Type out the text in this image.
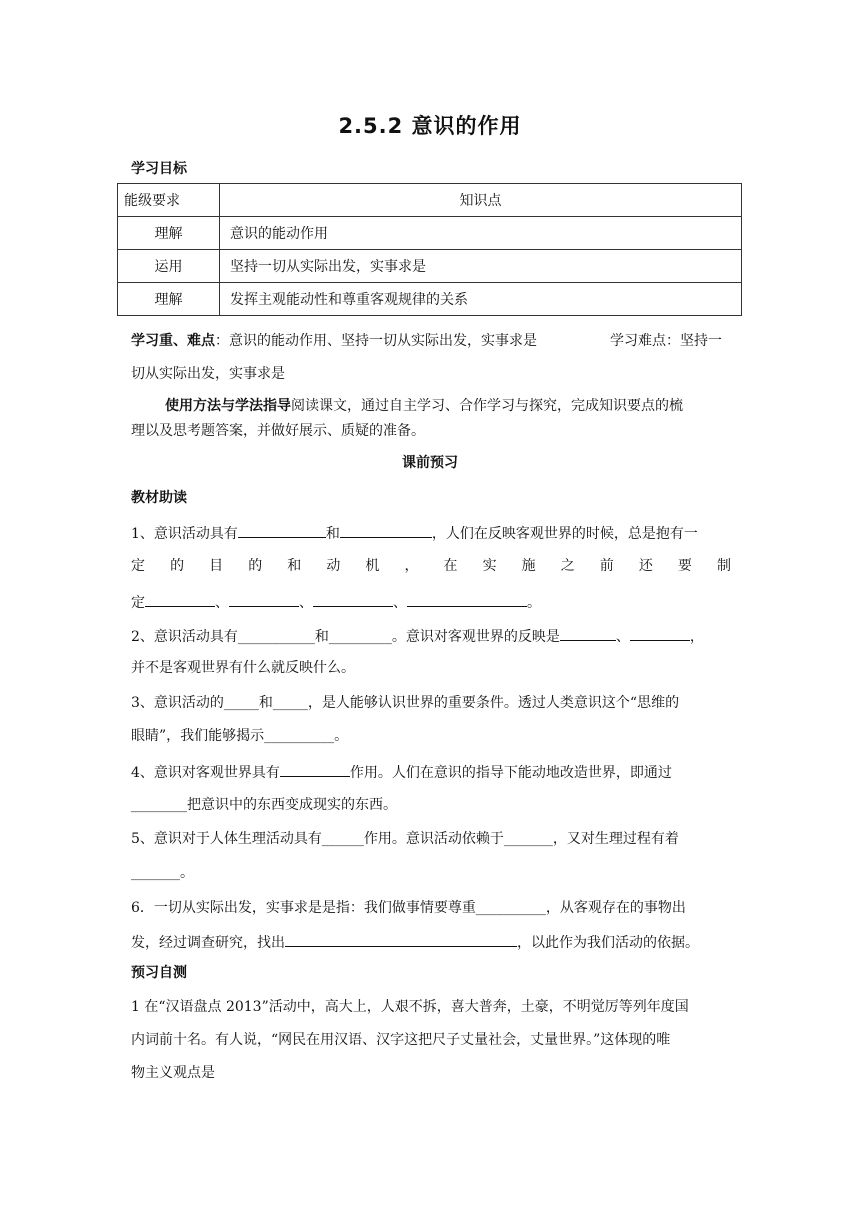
2.5.2 意识的作用
学习目标
能级要求	知识点
理解	意识的能动作用
运用	坚持一切从实际出发，实事求是
理解	发挥主观能动性和尊重客观规律的关系
学习重、难点：意识的能动作用、坚持一切从实际出发，实事求是	学习难点：坚持一
切从实际出发，实事求是
使用方法与学法指导阅读课文，通过自主学习、合作学习与探究，完成知识要点的梳
理以及思考题答案，并做好展示、质疑的准备。
课前预习
教材助读
1、意识活动具有	和	，人们在反映客观世界的时候，总是抱有一
定 的 目 的 和 动 机 ， 在 实 施 之 前 还 要 制
定	、	、	、	。
2、意识活动具有___________和_________。意识对客观世界的反映是	、	，
并不是客观世界有什么就反映什么。
3、意识活动的_____和_____，是人能够认识世界的重要条件。透过人类意识这个“思维的
眼睛”，我们能够揭示__________。
4、意识对客观世界具有	作用。人们在意识的指导下能动地改造世界，即通过
________把意识中的东西变成现实的东西。
5、意识对于人体生理活动具有______作用。意识活动依赖于_______，又对生理过程有着
_______。
6．一切从实际出发，实事求是是指：我们做事情要尊重__________，从客观存在的事物出
发，经过调查研究，找出	，以此作为我们活动的依据。
预习自测
1 在“汉语盘点 2013”活动中，高大上，人艰不拆，喜大普奔，土豪，不明觉厉等列年度国
内词前十名。有人说，“网民在用汉语、汉字这把尺子丈量社会，丈量世界。”这体现的唯
物主义观点是
